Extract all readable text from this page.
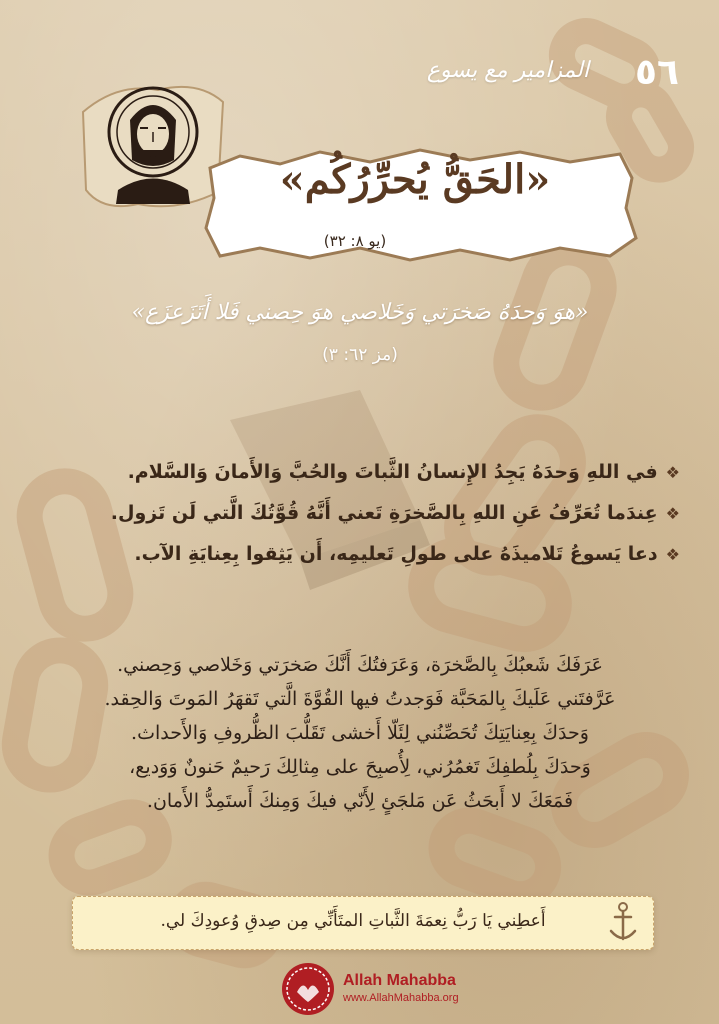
المزامير مع يسوع ٥٦
«الحَقُّ يُحرِّرُكُم»
(يو ٨: ٣٢)
«هوَ وَحدَهُ صَخرَتي وَخَلاصي هوَ حِصني فَلا أَتَزَعزَع»
(مز ٦٢: ٣)
❖في اللهِ وَحدَهُ يَجِدُ الإِنسانُ الثَّباتَ والحُبَّ وَالأَمانَ وَالسَّلام.
❖عِندَما تُعَرِّفُ عَنِ اللهِ بِالصَّخرَةِ تَعني أَنَّهُ قُوَّتُكَ الَّتي لَن تَزول.
❖دعا يَسوعُ تَلاميذَهُ على طولِ تَعليمِه، أَن يَثِقوا بِعِنايَةِ الآب.
عَرَفَكَ شَعبُكَ بِالصَّخرَة، وَعَرَفتُكَ أَنَّكَ صَخرَتي وَخَلاصي وَحِصني.
عَرَّفتَني عَلَيكَ بِالمَحَبَّة فَوَجدتُ فيها القُوَّةَ الَّتي تَقهَرُ المَوتَ وَالحِقد.
وَحدَكَ بِعِنايَتِكَ تُحَصِّنُني لِئَلّا أَخشى تَقَلُّبَ الظُّروفِ وَالأَحداث.
وَحدَكَ بِلُطفِكَ تَغمُرُني، لِأُصبِحَ على مِثالِكَ رَحيمٌ حَنونٌ وَوَديع،
فَمَعَكَ لا أَبحَثُ عَن مَلجَئٍ لِأَنّي فيكَ وَمِنكَ أَستَمِدُّ الأَمان.
أَعطِني يَا رَبُّ نِعمَةَ الثَّباتِ المتَأَنِّي مِن صِدقِ وُعودِكَ لي.
Allah Mahabba
www.AllahMahabba.org
